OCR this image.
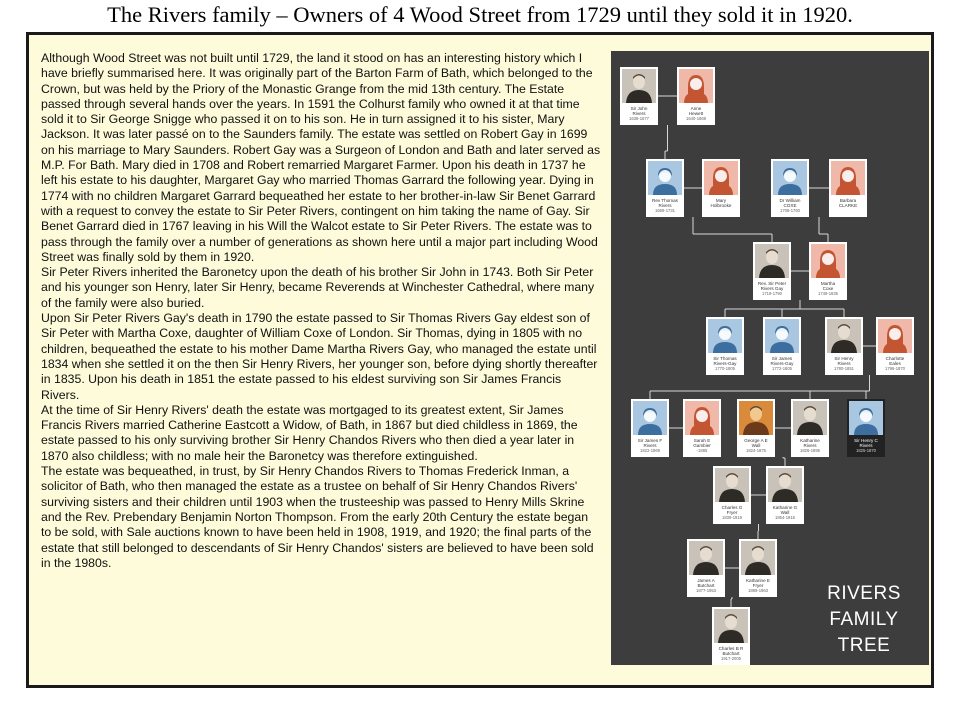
The Rivers family – Owners of 4 Wood Street from 1729 until they sold it in 1920.

Although Wood Street was not built until 1729, the land it stood on has an interesting history which I have briefly summarised here. It was originally part of the Barton Farm of Bath, which belonged to the Crown, but was held by the Priory of the Monastic Grange from the mid 13th century. The Estate passed through several hands over the years. In 1591 the Colhurst family who owned it at that time sold it to Sir George Snigge who passed it on to his son. He in turn assigned it to his sister, Mary Jackson. It was later passé on to the Saunders family. The estate was settled on Robert Gay in 1699 on his marriage to Mary Saunders. Robert Gay was a Surgeon of London and Bath and later served as M.P. For Bath. Mary died in 1708 and Robert remarried Margaret Farmer. Upon his death in 1737 he left his estate to his daughter, Margaret Gay who married Thomas Garrard the following year. Dying in 1774 with no children Margaret Garrard bequeathed her estate to her brother-in-law Sir Benet Garrard with a request to convey the estate to Sir Peter Rivers, contingent on him taking the name of Gay. Sir Benet Garrard died in 1767 leaving in his Will the Walcot estate to Sir Peter Rivers. The estate was to pass through the family over a number of generations as shown here until a major part including Wood Street was finally sold by them in 1920.

Sir Peter Rivers inherited the Baronetcy upon the death of his brother Sir John in 1743. Both Sir Peter and his younger son Henry, later Sir Henry, became Reverends at Winchester Cathedral, where many of the family were also buried.

Upon Sir Peter Rivers Gay's death in 1790 the estate passed to Sir Thomas Rivers Gay eldest son of Sir Peter with Martha Coxe, daughter of William Coxe of London. Sir Thomas, dying in 1805 with no children, bequeathed the estate to his mother Dame Martha Rivers Gay, who managed the estate until 1834 when she settled it on the then Sir Henry Rivers, her younger son, before dying shortly thereafter in 1835. Upon his death in 1851 the estate passed to his eldest surviving son Sir James Francis Rivers.

At the time of Sir Henry Rivers' death the estate was mortgaged to its greatest extent, Sir James Francis Rivers married Catherine Eastcott a Widow, of Bath, in 1867 but died childless in 1869, the estate passed to his only surviving brother Sir Henry Chandos Rivers who then died a year later in 1870 also childless; with no male heir the Baronetcy was therefore extinguished.

The estate was bequeathed, in trust, by Sir Henry Chandos Rivers to Thomas Frederick Inman, a solicitor of Bath, who then managed the estate as a trustee on behalf of Sir Henry Chandos Rivers' surviving sisters and their children until 1903 when the trusteeship was passed to Henry Mills Skrine and the Rev. Prebendary Benjamin Norton Thompson. From the early 20th Century the estate began to be sold, with Sale auctions known to have been held in 1908, 1919, and 1920; the final parts of the estate that still belonged to descendants of Sir Henry Chandos' sisters are believed to have been sold in the 1980s.

RIVERS
FAMILY
TREE
Sir John
Rivers
1638-1677
Anne
Hewett
1640-1669
Rev Thomas
Rivers
1668-1731
Mary
Holbrooke
Dr William
COXE
1708-1760
Barbara
CLARKE
Rev. Sir Peter
Rivers Gay
1719-1790
Martha
Coxe
1749-1835
Sir Thomas
Rivers-Gay
1770-1805
Sir James
Rivers-Gay
1772-1805
Sir Henry
Rivers
1780-1851
Charlotte
Eales
1796-1870
Sir James F
Rivers
1822-1869
Sarah E
Gambier
-1865
George A E
Wall
1824-1875
Katharine
Rivers
1826-1895
Sir Henry C
Rivers
1825-1870
Charles G
Fryer
1839-1919
Katharine G
Wall
1854-1916
James A
Butchart
1877-1953
Katharine E
Fryer
1889-1963
Charles B R
Butchart
1917-2005
